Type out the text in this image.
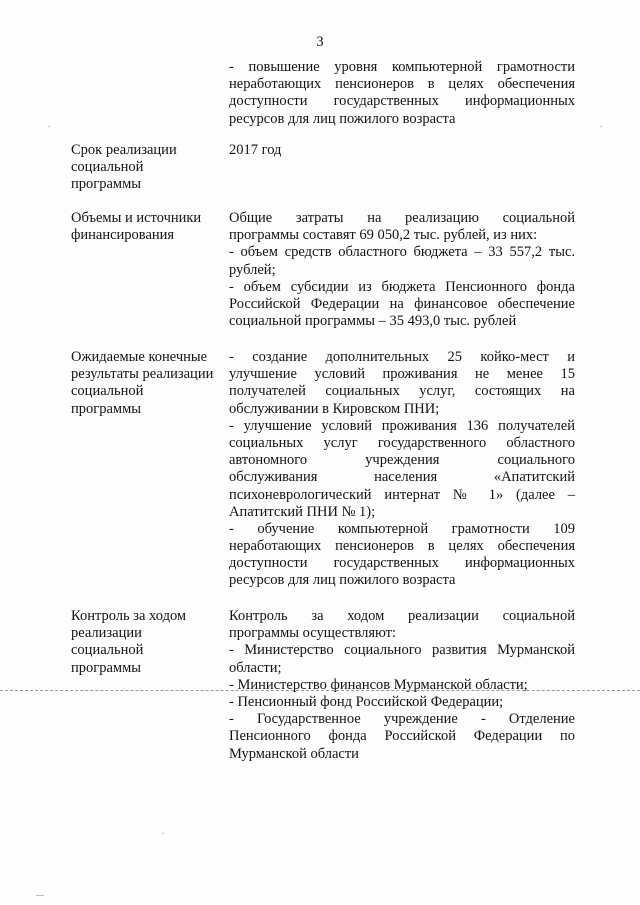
3
- повышение уровня компьютерной грамотности
неработающих пенсионеров в целях обеспечения
доступности государственных информационных
ресурсов для лиц пожилого возраста
Срок реализации
социальной
программы
2017 год
Объемы и источники
финансирования
Общие затраты на реализацию социальной
программы составят 69 050,2 тыс. рублей, из них:
- объем средств областного бюджета – 33 557,2 тыс.
рублей;
- объем субсидии из бюджета Пенсионного фонда
Российской Федерации на финансовое обеспечение
социальной программы – 35 493,0 тыс. рублей
Ожидаемые конечные
результаты реализации
социальной
программы
- создание дополнительных 25 койко-мест и
улучшение условий проживания не менее 15
получателей социальных услуг, состоящих на
обслуживании в Кировском ПНИ;
- улучшение условий проживания 136 получателей
социальных услуг государственного областного
автономного учреждения социального
обслуживания населения «Апатитский
психоневрологический интернат № 1» (далее –
Апатитский ПНИ № 1);
- обучение компьютерной грамотности 109
неработающих пенсионеров в целях обеспечения
доступности государственных информационных
ресурсов для лиц пожилого возраста
Контроль за ходом
реализации
социальной
программы
Контроль за ходом реализации социальной
программы осуществляют:
- Министерство социального развития Мурманской
области;
- Министерство финансов Мурманской области;
- Пенсионный фонд Российской Федерации;
- Государственное учреждение - Отделение
Пенсионного фонда Российской Федерации по
Мурманской области
